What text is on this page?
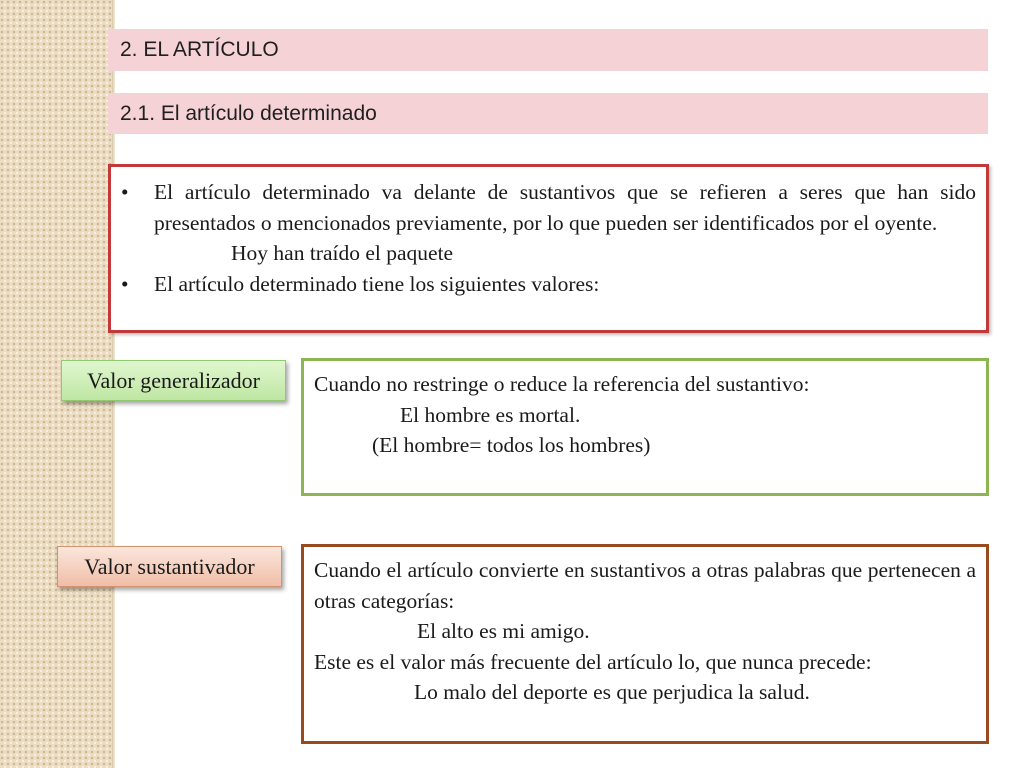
2. EL ARTÍCULO
2.1. El artículo determinado
•	El artículo determinado va delante de sustantivos que se refieren a seres que han sido presentados o mencionados previamente, por lo que pueden ser identificados por el oyente.
Hoy han traído el paquete
•	El artículo determinado tiene los siguientes valores:
Valor generalizador	Cuando no restringe o reduce la referencia del sustantivo:
El hombre es mortal.
(El hombre= todos los hombres)
Valor sustantivador	Cuando el artículo convierte en sustantivos a otras palabras que pertenecen a otras categorías:
El alto es mi amigo.
Este es el valor más frecuente del artículo lo, que nunca precede:
Lo malo del deporte es que perjudica la salud.
